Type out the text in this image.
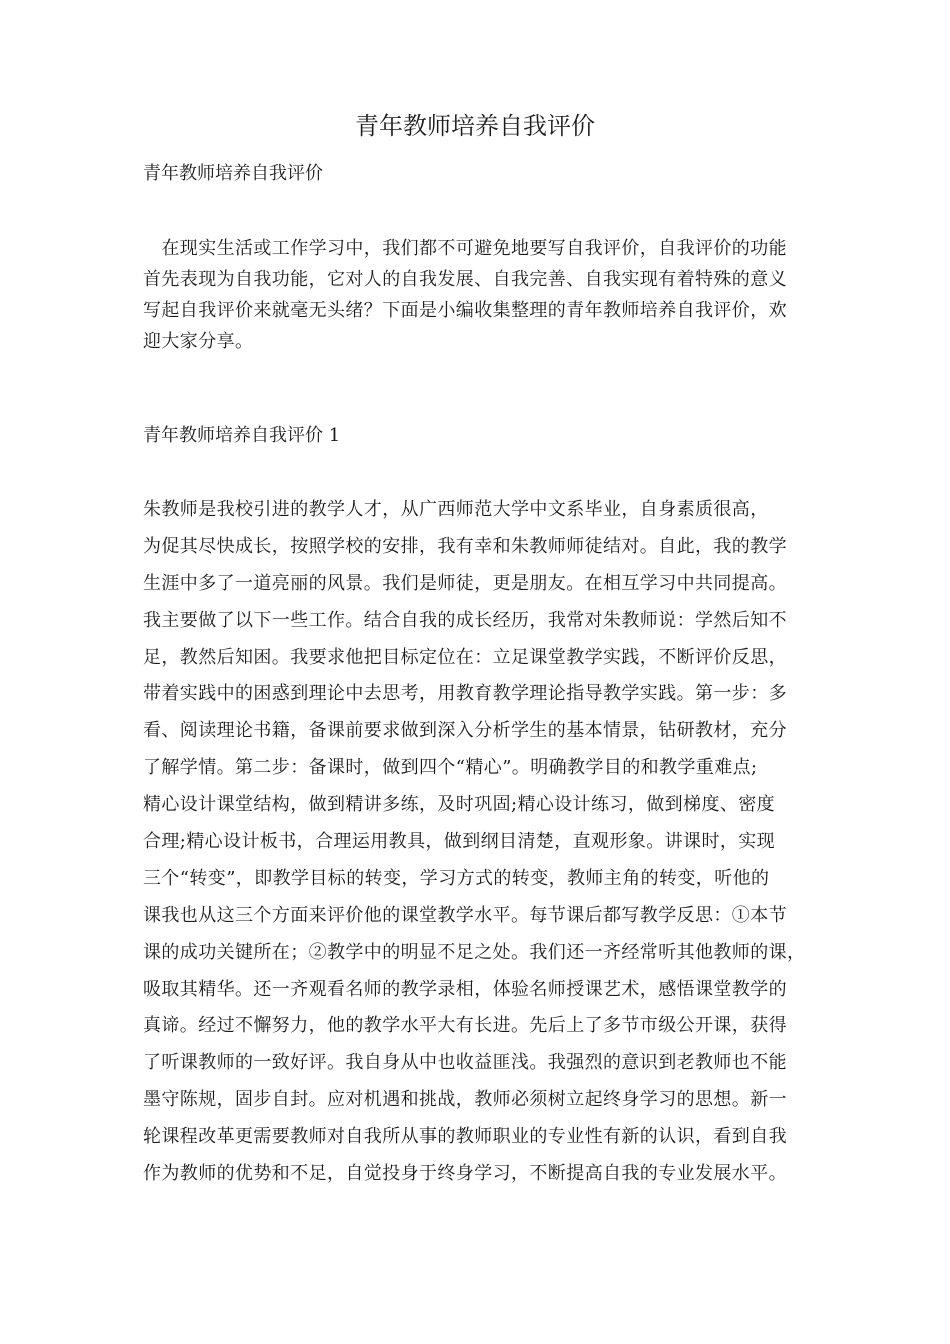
青年教师培养自我评价
青年教师培养自我评价
　在现实生活或工作学习中，我们都不可避免地要写自我评价，自我评价的功能
首先表现为自我功能，它对人的自我发展、自我完善、自我实现有着特殊的意义
写起自我评价来就毫无头绪？下面是小编收集整理的青年教师培养自我评价，欢
迎大家分享。
青年教师培养自我评价 1
朱教师是我校引进的教学人才，从广西师范大学中文系毕业，自身素质很高，
为促其尽快成长，按照学校的安排，我有幸和朱教师师徒结对。自此，我的教学
生涯中多了一道亮丽的风景。我们是师徒，更是朋友。在相互学习中共同提高。
我主要做了以下一些工作。结合自我的成长经历，我常对朱教师说：学然后知不
足，教然后知困。我要求他把目标定位在：立足课堂教学实践，不断评价反思，
带着实践中的困惑到理论中去思考，用教育教学理论指导教学实践。第一步：多
看、阅读理论书籍，备课前要求做到深入分析学生的基本情景，钻研教材，充分
了解学情。第二步：备课时，做到四个“精心”。明确教学目的和教学重难点;
精心设计课堂结构，做到精讲多练，及时巩固;精心设计练习，做到梯度、密度
合理;精心设计板书，合理运用教具，做到纲目清楚，直观形象。讲课时，实现
三个“转变”，即教学目标的转变，学习方式的转变，教师主角的转变，听他的
课我也从这三个方面来评价他的课堂教学水平。每节课后都写教学反思：①本节
课的成功关键所在；②教学中的明显不足之处。我们还一齐经常听其他教师的课，
吸取其精华。还一齐观看名师的教学录相，体验名师授课艺术，感悟课堂教学的
真谛。经过不懈努力，他的教学水平大有长进。先后上了多节市级公开课，获得
了听课教师的一致好评。我自身从中也收益匪浅。我强烈的意识到老教师也不能
墨守陈规，固步自封。应对机遇和挑战，教师必须树立起终身学习的思想。新一
轮课程改革更需要教师对自我所从事的教师职业的专业性有新的认识，看到自我
作为教师的优势和不足，自觉投身于终身学习，不断提高自我的专业发展水平。
